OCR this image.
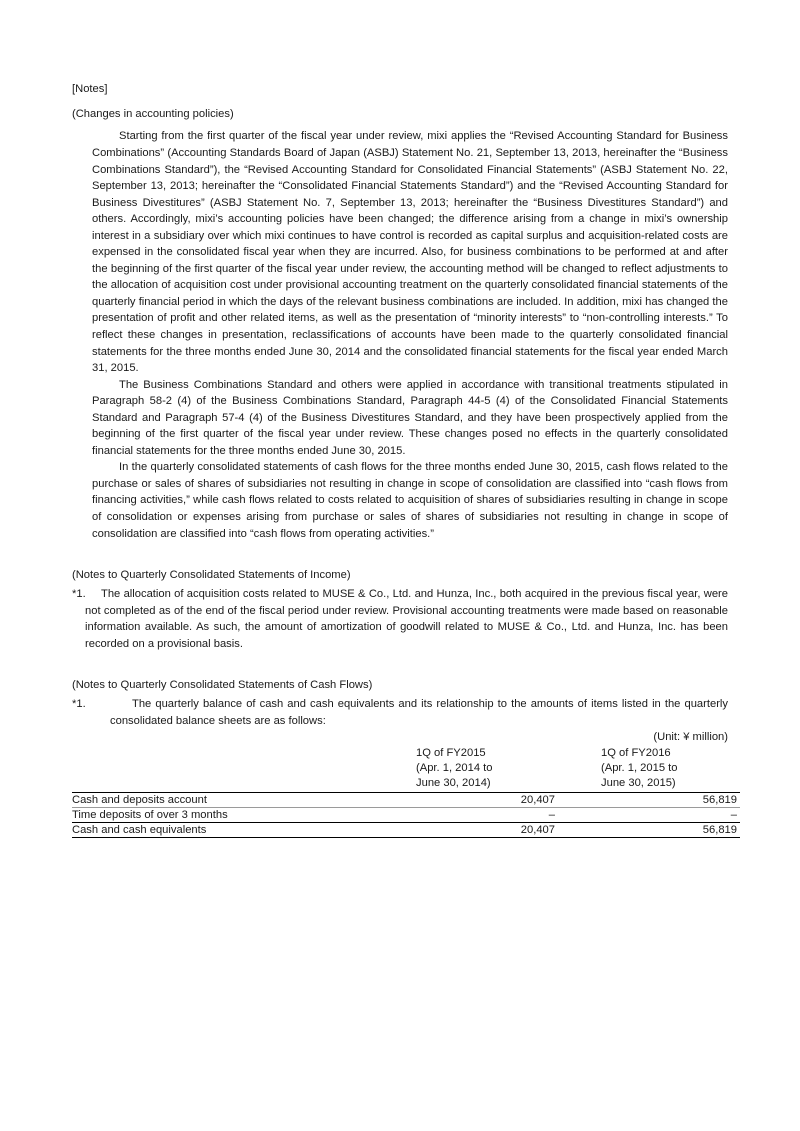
[Notes]
(Changes in accounting policies)

Starting from the first quarter of the fiscal year under review, mixi applies the “Revised Accounting Standard for Business Combinations” (Accounting Standards Board of Japan (ASBJ) Statement No. 21, September 13, 2013, hereinafter the “Business Combinations Standard”), the “Revised Accounting Standard for Consolidated Financial Statements” (ASBJ Statement No. 22, September 13, 2013; hereinafter the “Consolidated Financial Statements Standard”) and the “Revised Accounting Standard for Business Divestitures” (ASBJ Statement No. 7, September 13, 2013; hereinafter the “Business Divestitures Standard”) and others. Accordingly, mixi’s accounting policies have been changed; the difference arising from a change in mixi’s ownership interest in a subsidiary over which mixi continues to have control is recorded as capital surplus and acquisition-related costs are expensed in the consolidated fiscal year when they are incurred. Also, for business combinations to be performed at and after the beginning of the first quarter of the fiscal year under review, the accounting method will be changed to reflect adjustments to the allocation of acquisition cost under provisional accounting treatment on the quarterly consolidated financial statements of the quarterly financial period in which the days of the relevant business combinations are included. In addition, mixi has changed the presentation of profit and other related items, as well as the presentation of “minority interests” to “non-controlling interests.” To reflect these changes in presentation, reclassifications of accounts have been made to the quarterly consolidated financial statements for the three months ended June 30, 2014 and the consolidated financial statements for the fiscal year ended March 31, 2015.

The Business Combinations Standard and others were applied in accordance with transitional treatments stipulated in Paragraph 58-2 (4) of the Business Combinations Standard, Paragraph 44-5 (4) of the Consolidated Financial Statements Standard and Paragraph 57-4 (4) of the Business Divestitures Standard, and they have been prospectively applied from the beginning of the first quarter of the fiscal year under review. These changes posed no effects in the quarterly consolidated financial statements for the three months ended June 30, 2015.

In the quarterly consolidated statements of cash flows for the three months ended June 30, 2015, cash flows related to the purchase or sales of shares of subsidiaries not resulting in change in scope of consolidation are classified into “cash flows from financing activities,” while cash flows related to costs related to acquisition of shares of subsidiaries resulting in change in scope of consolidation or expenses arising from purchase or sales of shares of subsidiaries not resulting in change in scope of consolidation are classified into “cash flows from operating activities.”

(Notes to Quarterly Consolidated Statements of Income)
*1.	The allocation of acquisition costs related to MUSE & Co., Ltd. and Hunza, Inc., both acquired in the previous fiscal year, were not completed as of the end of the fiscal period under review. Provisional accounting treatments were made based on reasonable information available. As such, the amount of amortization of goodwill related to MUSE & Co., Ltd. and Hunza, Inc. has been recorded on a provisional basis.

(Notes to Quarterly Consolidated Statements of Cash Flows)
*1.	The quarterly balance of cash and cash equivalents and its relationship to the amounts of items listed in the quarterly consolidated balance sheets are as follows:

(Unit: ¥ million)

1Q of FY2015
(Apr. 1, 2014 to
June 30, 2014)

1Q of FY2016
(Apr. 1, 2015 to
June 30, 2015)

Cash and deposits account	20,407	56,819
Time deposits of over 3 months	–	–
Cash and cash equivalents	20,407	56,819
